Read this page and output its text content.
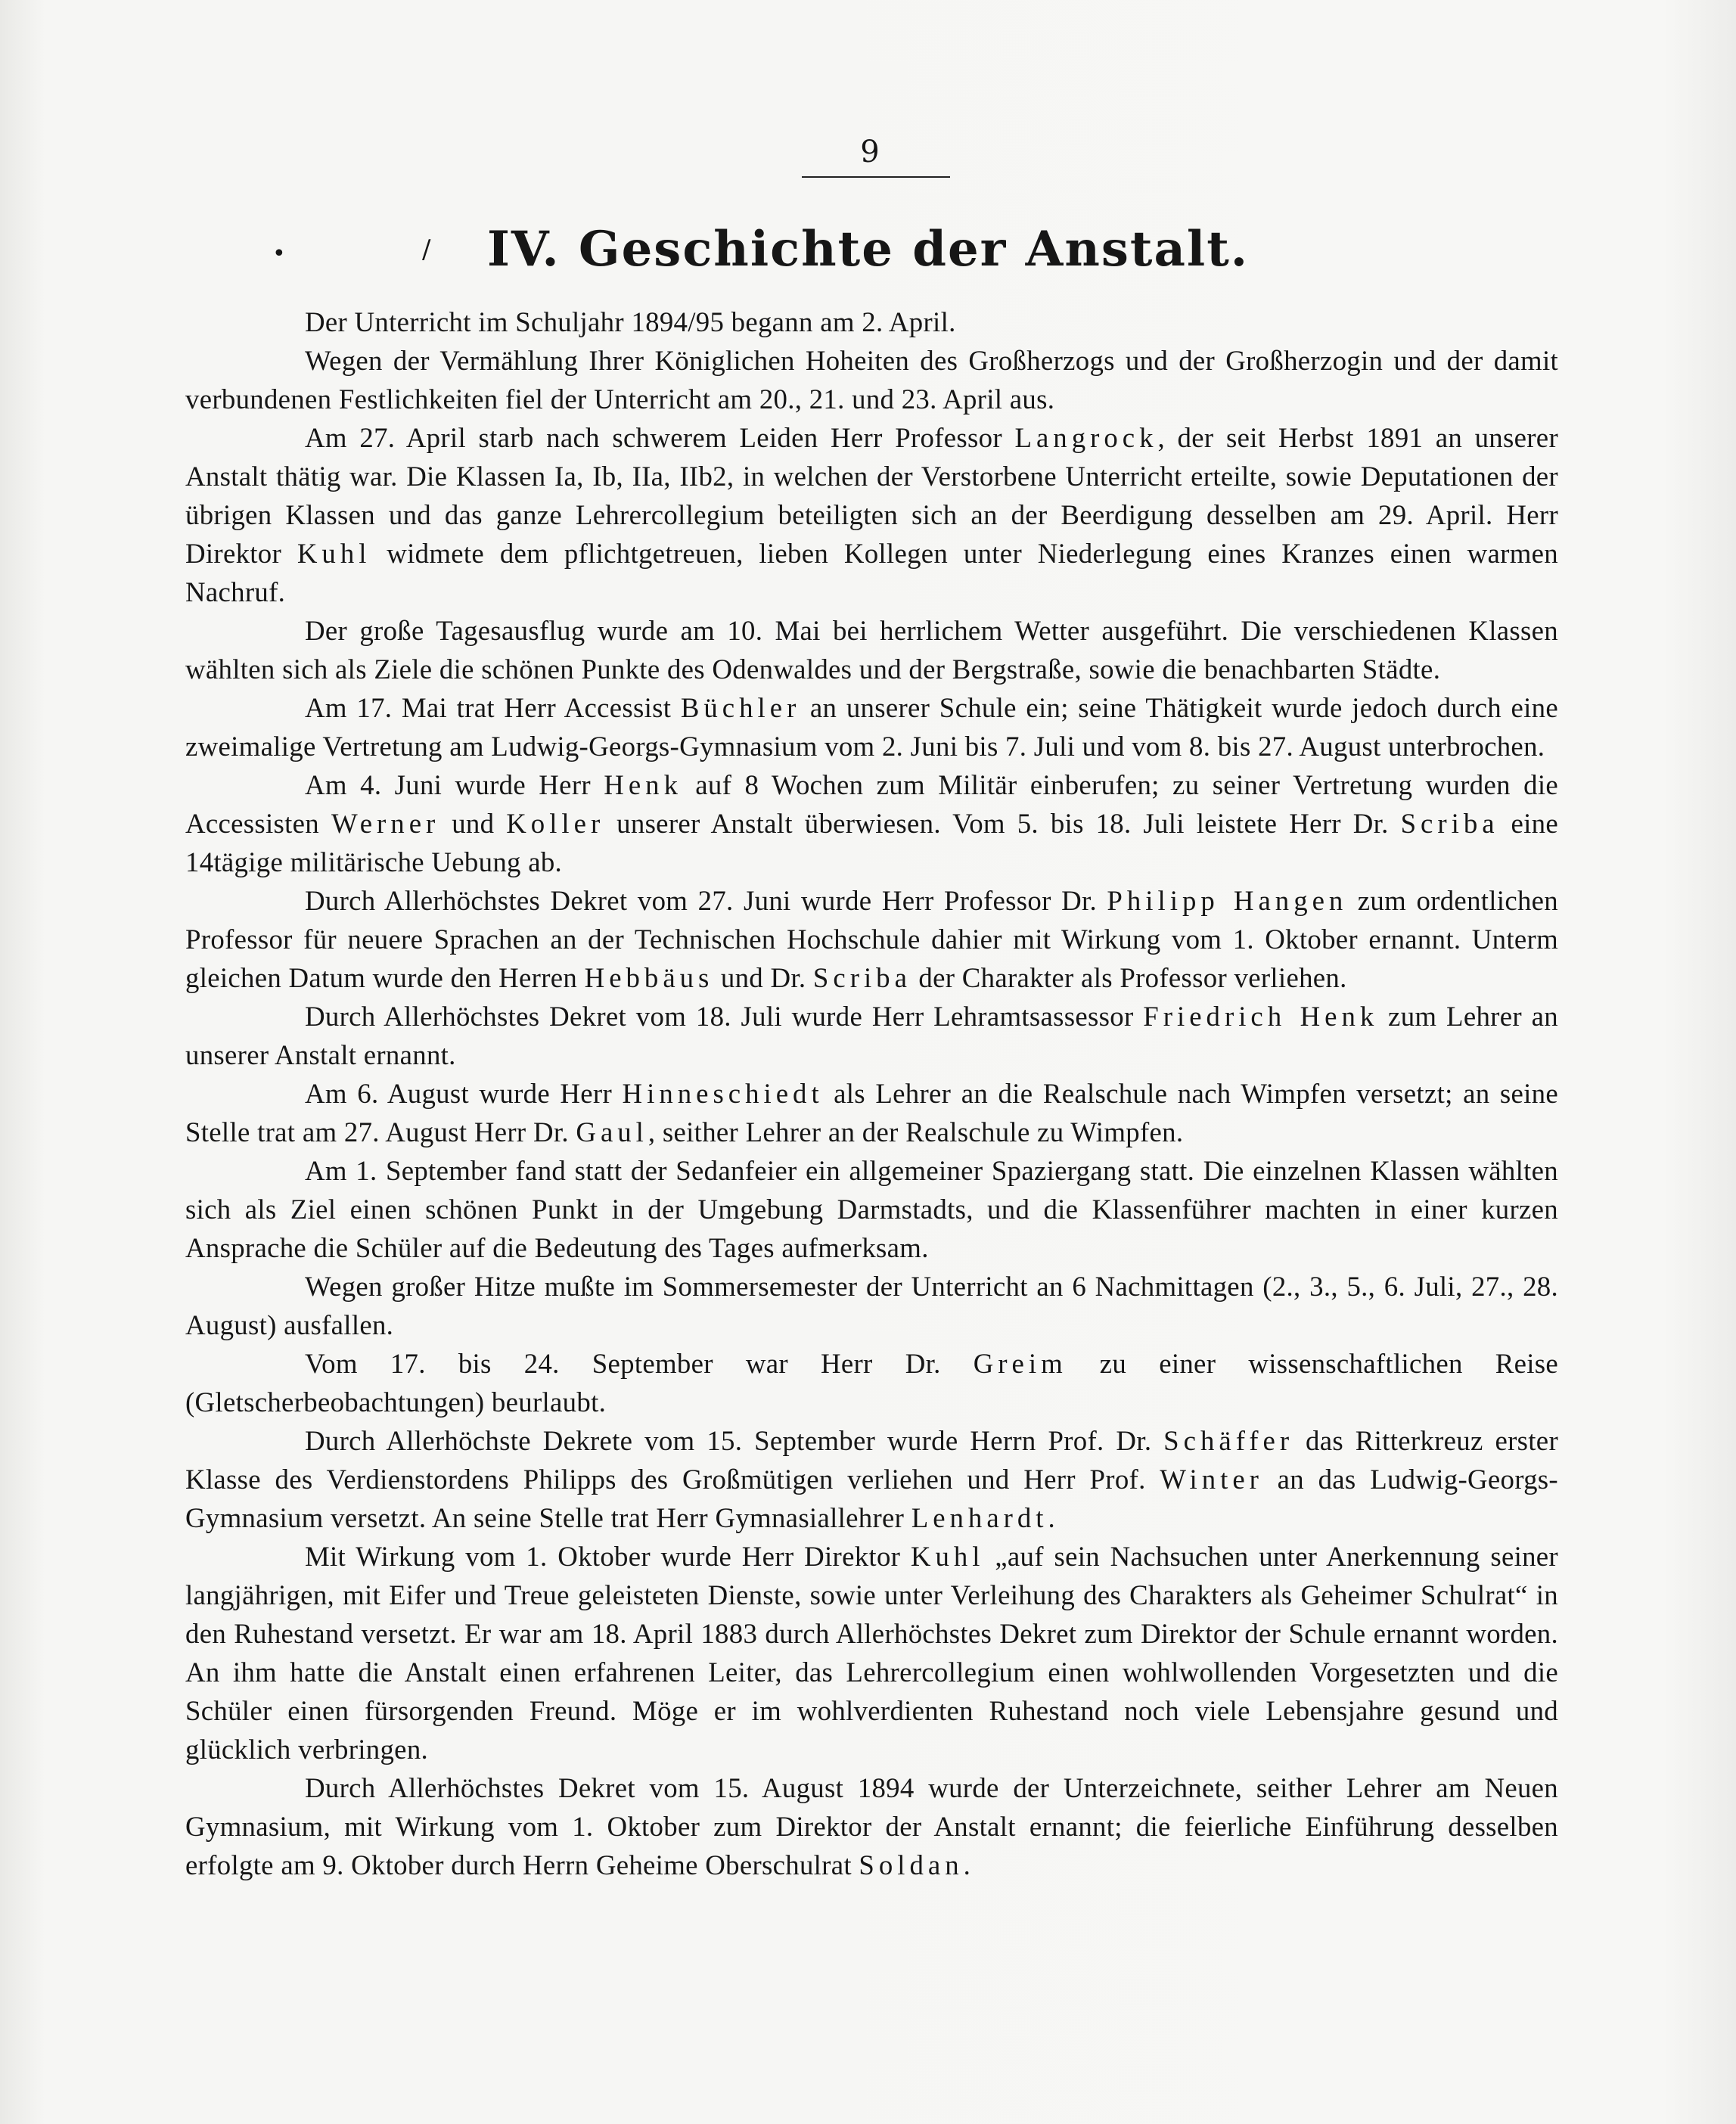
9
•	/	IV. Geschichte der Anstalt.

Der Unterricht im Schuljahr 1894/95 begann am 2. April.

Wegen der Vermählung Ihrer Königlichen Hoheiten des Großherzogs und der Großherzogin und der damit verbundenen Festlichkeiten fiel der Unterricht am 20., 21. und 23. April aus.

Am 27. April starb nach schwerem Leiden Herr Professor Langrock, der seit Herbst 1891 an unserer Anstalt thätig war. Die Klassen Ia, Ib, IIa, IIb2, in welchen der Verstorbene Unterricht erteilte, sowie Deputationen der übrigen Klassen und das ganze Lehrercollegium beteiligten sich an der Beerdigung desselben am 29. April. Herr Direktor Kuhl widmete dem pflichtgetreuen, lieben Kollegen unter Niederlegung eines Kranzes einen warmen Nachruf.

Der große Tagesausflug wurde am 10. Mai bei herrlichem Wetter ausgeführt. Die verschiedenen Klassen wählten sich als Ziele die schönen Punkte des Odenwaldes und der Bergstraße, sowie die benachbarten Städte.

Am 17. Mai trat Herr Accessist Büchler an unserer Schule ein; seine Thätigkeit wurde jedoch durch eine zweimalige Vertretung am Ludwig-Georgs-Gymnasium vom 2. Juni bis 7. Juli und vom 8. bis 27. August unterbrochen.

Am 4. Juni wurde Herr Henk auf 8 Wochen zum Militär einberufen; zu seiner Vertretung wurden die Accessisten Werner und Koller unserer Anstalt überwiesen. Vom 5. bis 18. Juli leistete Herr Dr. Scriba eine 14tägige militärische Uebung ab.

Durch Allerhöchstes Dekret vom 27. Juni wurde Herr Professor Dr. Philipp Hangen zum ordentlichen Professor für neuere Sprachen an der Technischen Hochschule dahier mit Wirkung vom 1. Oktober ernannt. Unterm gleichen Datum wurde den Herren Hebbäus und Dr. Scriba der Charakter als Professor verliehen.

Durch Allerhöchstes Dekret vom 18. Juli wurde Herr Lehramtsassessor Friedrich Henk zum Lehrer an unserer Anstalt ernannt.

Am 6. August wurde Herr Hinneschiedt als Lehrer an die Realschule nach Wimpfen versetzt; an seine Stelle trat am 27. August Herr Dr. Gaul, seither Lehrer an der Realschule zu Wimpfen.

Am 1. September fand statt der Sedanfeier ein allgemeiner Spaziergang statt. Die einzelnen Klassen wählten sich als Ziel einen schönen Punkt in der Umgebung Darmstadts, und die Klassenführer machten in einer kurzen Ansprache die Schüler auf die Bedeutung des Tages aufmerksam.

Wegen großer Hitze mußte im Sommersemester der Unterricht an 6 Nachmittagen (2., 3., 5., 6. Juli, 27., 28. August) ausfallen.

Vom 17. bis 24. September war Herr Dr. Greim zu einer wissenschaftlichen Reise (Gletscherbeobachtungen) beurlaubt.

Durch Allerhöchste Dekrete vom 15. September wurde Herrn Prof. Dr. Schäffer das Ritterkreuz erster Klasse des Verdienstordens Philipps des Großmütigen verliehen und Herr Prof. Winter an das Ludwig-Georgs-Gymnasium versetzt. An seine Stelle trat Herr Gymnasiallehrer Lenhardt.

Mit Wirkung vom 1. Oktober wurde Herr Direktor Kuhl „auf sein Nachsuchen unter Anerkennung seiner langjährigen, mit Eifer und Treue geleisteten Dienste, sowie unter Verleihung des Charakters als Geheimer Schulrat“ in den Ruhestand versetzt. Er war am 18. April 1883 durch Allerhöchstes Dekret zum Direktor der Schule ernannt worden. An ihm hatte die Anstalt einen erfahrenen Leiter, das Lehrercollegium einen wohlwollenden Vorgesetzten und die Schüler einen fürsorgenden Freund. Möge er im wohlverdienten Ruhestand noch viele Lebensjahre gesund und glücklich verbringen.

Durch Allerhöchstes Dekret vom 15. August 1894 wurde der Unterzeichnete, seither Lehrer am Neuen Gymnasium, mit Wirkung vom 1. Oktober zum Direktor der Anstalt ernannt; die feierliche Einführung desselben erfolgte am 9. Oktober durch Herrn Geheime Oberschulrat Soldan.
